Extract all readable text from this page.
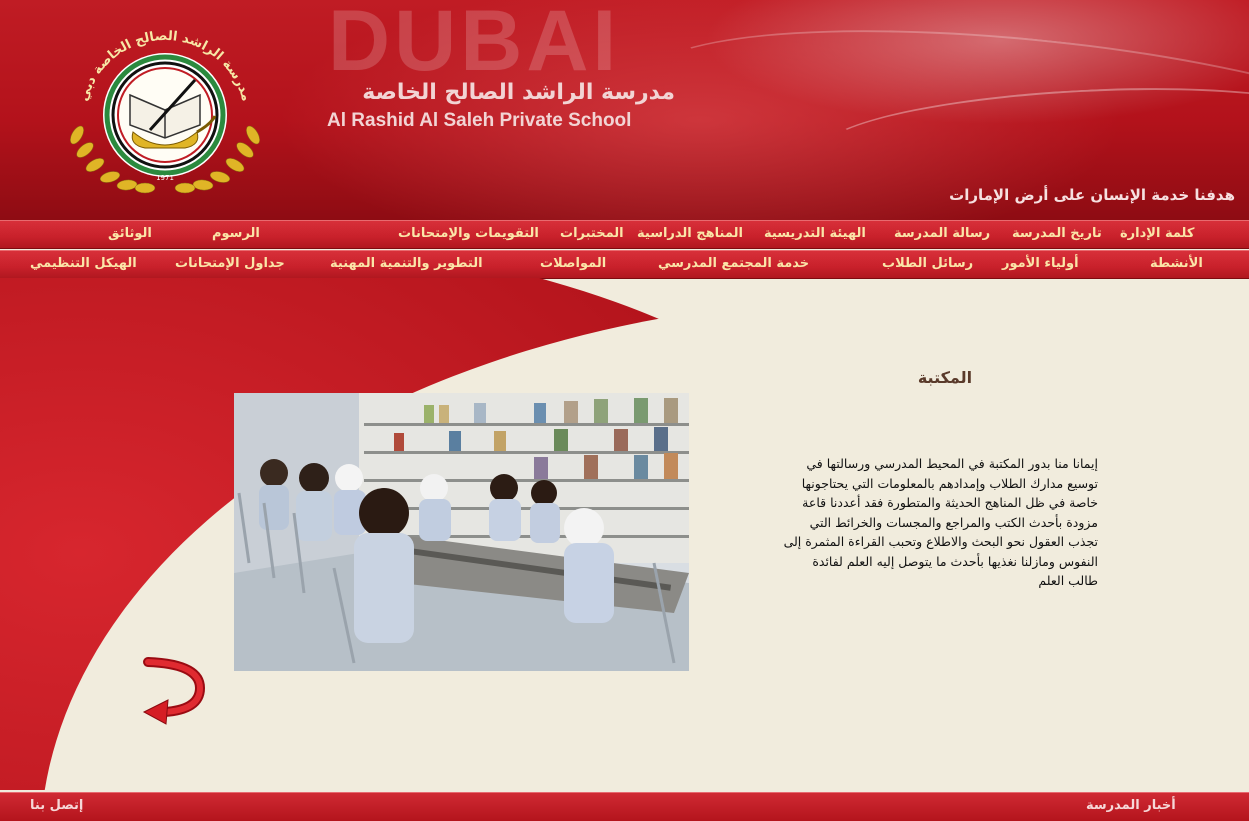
DUBAI
مدرسة الراشد الصالح الخاصة
Al Rashid Al Saleh Private School
هدفنا خدمة الإنسان على أرض الإمارات
مدرسة الراشد الصالح الخاصة دبي
1971
كلمة الإدارة
تاريخ المدرسة
رسالة المدرسة
الهيئة التدريسية
المناهج الدراسية
المختبرات
التقويمات والإمتحانات
الرسوم
الوثائق
الأنشطة
أولياء الأمور
رسائل الطلاب
خدمة المجتمع المدرسي
المواصلات
التطوير والتنمية المهنية
جداول الإمتحانات
الهيكل التنظيمي
المكتبة
إيمانا منا بدور المكتبة في المحيط المدرسي ورسالتها في توسيع مدارك الطلاب وإمدادهم بالمعلومات التي يحتاجونها خاصة في ظل المناهج الحديثة والمتطورة فقد أعددنا قاعة مزودة بأحدث الكتب والمراجع والمجسات والخرائط التي تجذب العقول نحو البحث والاطلاع وتحبب القراءة المثمرة إلى النفوس ومازلنا نغذيها بأحدث ما يتوصل إليه العلم لفائدة طالب العلم
أخبار المدرسة
إتصل بنا
